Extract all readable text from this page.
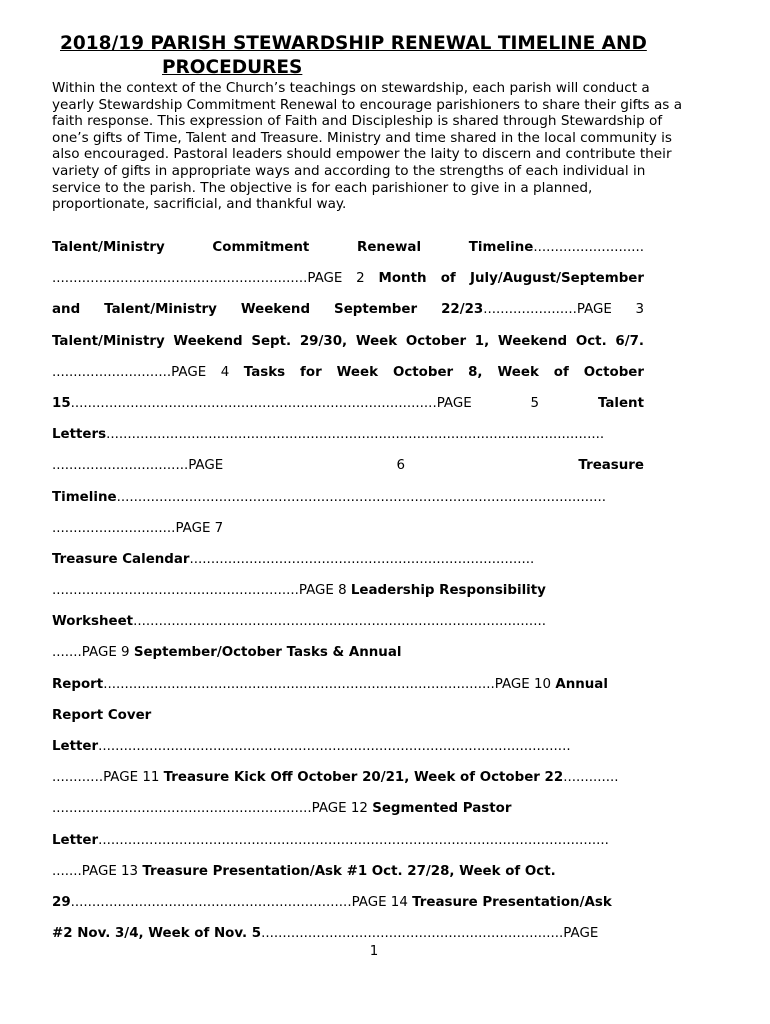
2018/19 PARISH STEWARDSHIP RENEWAL TIMELINE AND
PROCEDURES

Within the context of the Church’s teachings on stewardship, each parish will conduct a yearly Stewardship Commitment Renewal to encourage parishioners to share their gifts as a faith response. This expression of Faith and Discipleship is shared through Stewardship of one’s gifts of Time, Talent and Treasure. Ministry and time shared in the local community is also encouraged. Pastoral leaders should empower the laity to discern and contribute their variety of gifts in appropriate ways and according to the strengths of each individual in service to the parish. The objective is for each parishioner to give in a planned, proportionate, sacrificial, and thankful way.

Talent/Ministry Commitment Renewal Timeline..........................
............................................................PAGE 2 Month of July/August/September
and Talent/Ministry Weekend September 22/23......................PAGE 3
Talent/Ministry Weekend Sept. 29/30, Week October 1, Weekend Oct. 6/7.
............................PAGE 4 Tasks for Week October 8, Week of October
15......................................................................................PAGE 5 Talent
Letters.....................................................................................................................
................................PAGE 6 Treasure
Timeline...................................................................................................................
.............................PAGE 7
Treasure Calendar.................................................................................
..........................................................PAGE 8 Leadership Responsibility
Worksheet.................................................................................................
.......PAGE 9 September/October Tasks & Annual
Report............................................................................................PAGE 10 Annual
Report Cover
Letter...............................................................................................................
............PAGE 11 Treasure Kick Off October 20/21, Week of October 22.............
.............................................................PAGE 12 Segmented Pastor
Letter........................................................................................................................
.......PAGE 13 Treasure Presentation/Ask #1 Oct. 27/28, Week of Oct.
29..................................................................PAGE 14 Treasure Presentation/Ask
#2 Nov. 3/4, Week of Nov. 5.......................................................................PAGE
1
